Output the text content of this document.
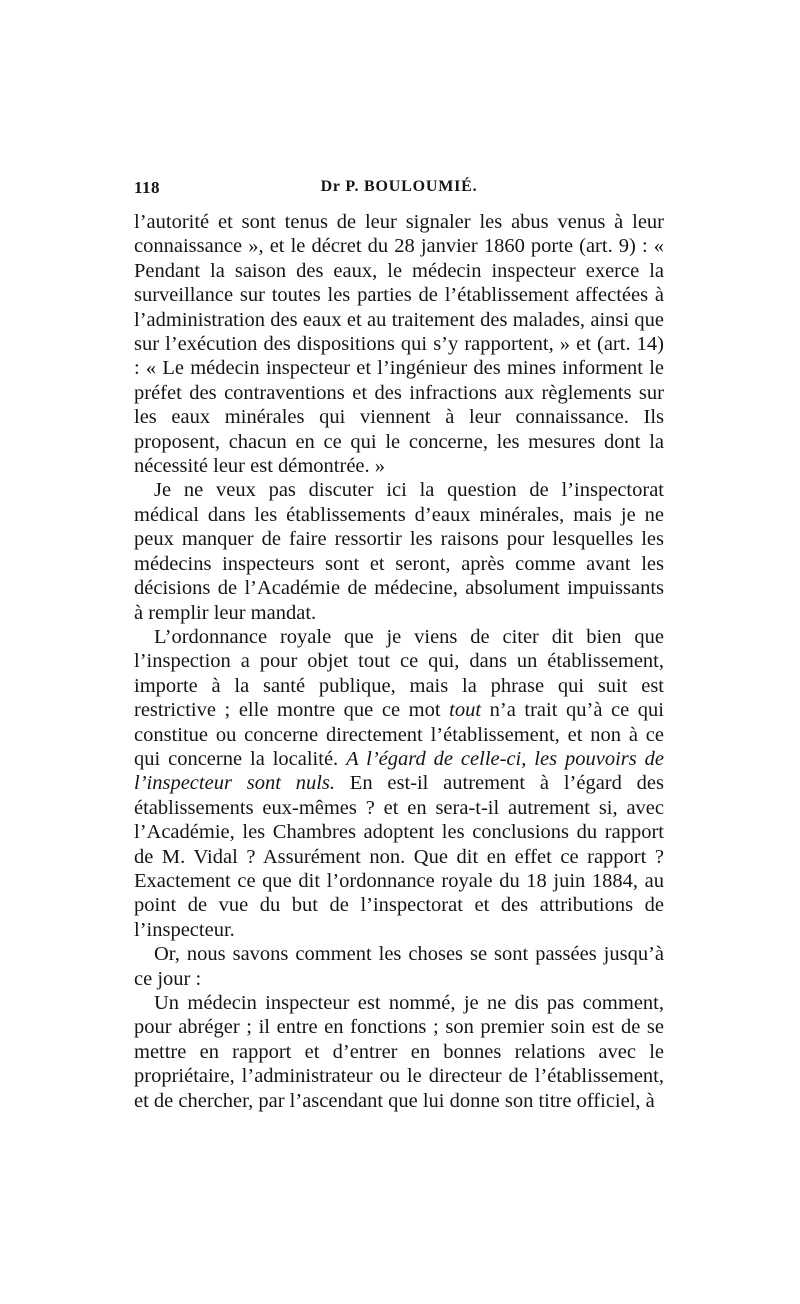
118	Dr P. BOULOUMIÉ.

l’autorité et sont tenus de leur signaler les abus venus à leur connaissance », et le décret du 28 janvier 1860 porte (art. 9) : « Pendant la saison des eaux, le médecin inspecteur exerce la surveillance sur toutes les parties de l’établissement affectées à l’administration des eaux et au traitement des malades, ainsi que sur l’exécution des dispositions qui s’y rapportent, » et (art. 14) : « Le médecin inspecteur et l’ingénieur des mines informent le préfet des contraventions et des infractions aux règlements sur les eaux minérales qui viennent à leur connaissance. Ils proposent, chacun en ce qui le concerne, les mesures dont la nécessité leur est démontrée. »

Je ne veux pas discuter ici la question de l’inspectorat médical dans les établissements d’eaux minérales, mais je ne peux manquer de faire ressortir les raisons pour lesquelles les médecins inspecteurs sont et seront, après comme avant les décisions de l’Académie de médecine, absolument impuissants à remplir leur mandat.

L’ordonnance royale que je viens de citer dit bien que l’inspection a pour objet tout ce qui, dans un établissement, importe à la santé publique, mais la phrase qui suit est restrictive ; elle montre que ce mot tout n’a trait qu’à ce qui constitue ou concerne directement l’établissement, et non à ce qui concerne la localité. A l’égard de celle-ci, les pouvoirs de l’inspecteur sont nuls. En est-il autrement à l’égard des établissements eux-mêmes ? et en sera-t-il autrement si, avec l’Académie, les Chambres adoptent les conclusions du rapport de M. Vidal ? Assurément non. Que dit en effet ce rapport ? Exactement ce que dit l’ordonnance royale du 18 juin 1884, au point de vue du but de l’inspectorat et des attributions de l’inspecteur.

Or, nous savons comment les choses se sont passées jusqu’à ce jour :

Un médecin inspecteur est nommé, je ne dis pas comment, pour abréger ; il entre en fonctions ; son premier soin est de se mettre en rapport et d’entrer en bonnes relations avec le propriétaire, l’administrateur ou le directeur de l’établissement, et de chercher, par l’ascendant que lui donne son titre officiel, à
